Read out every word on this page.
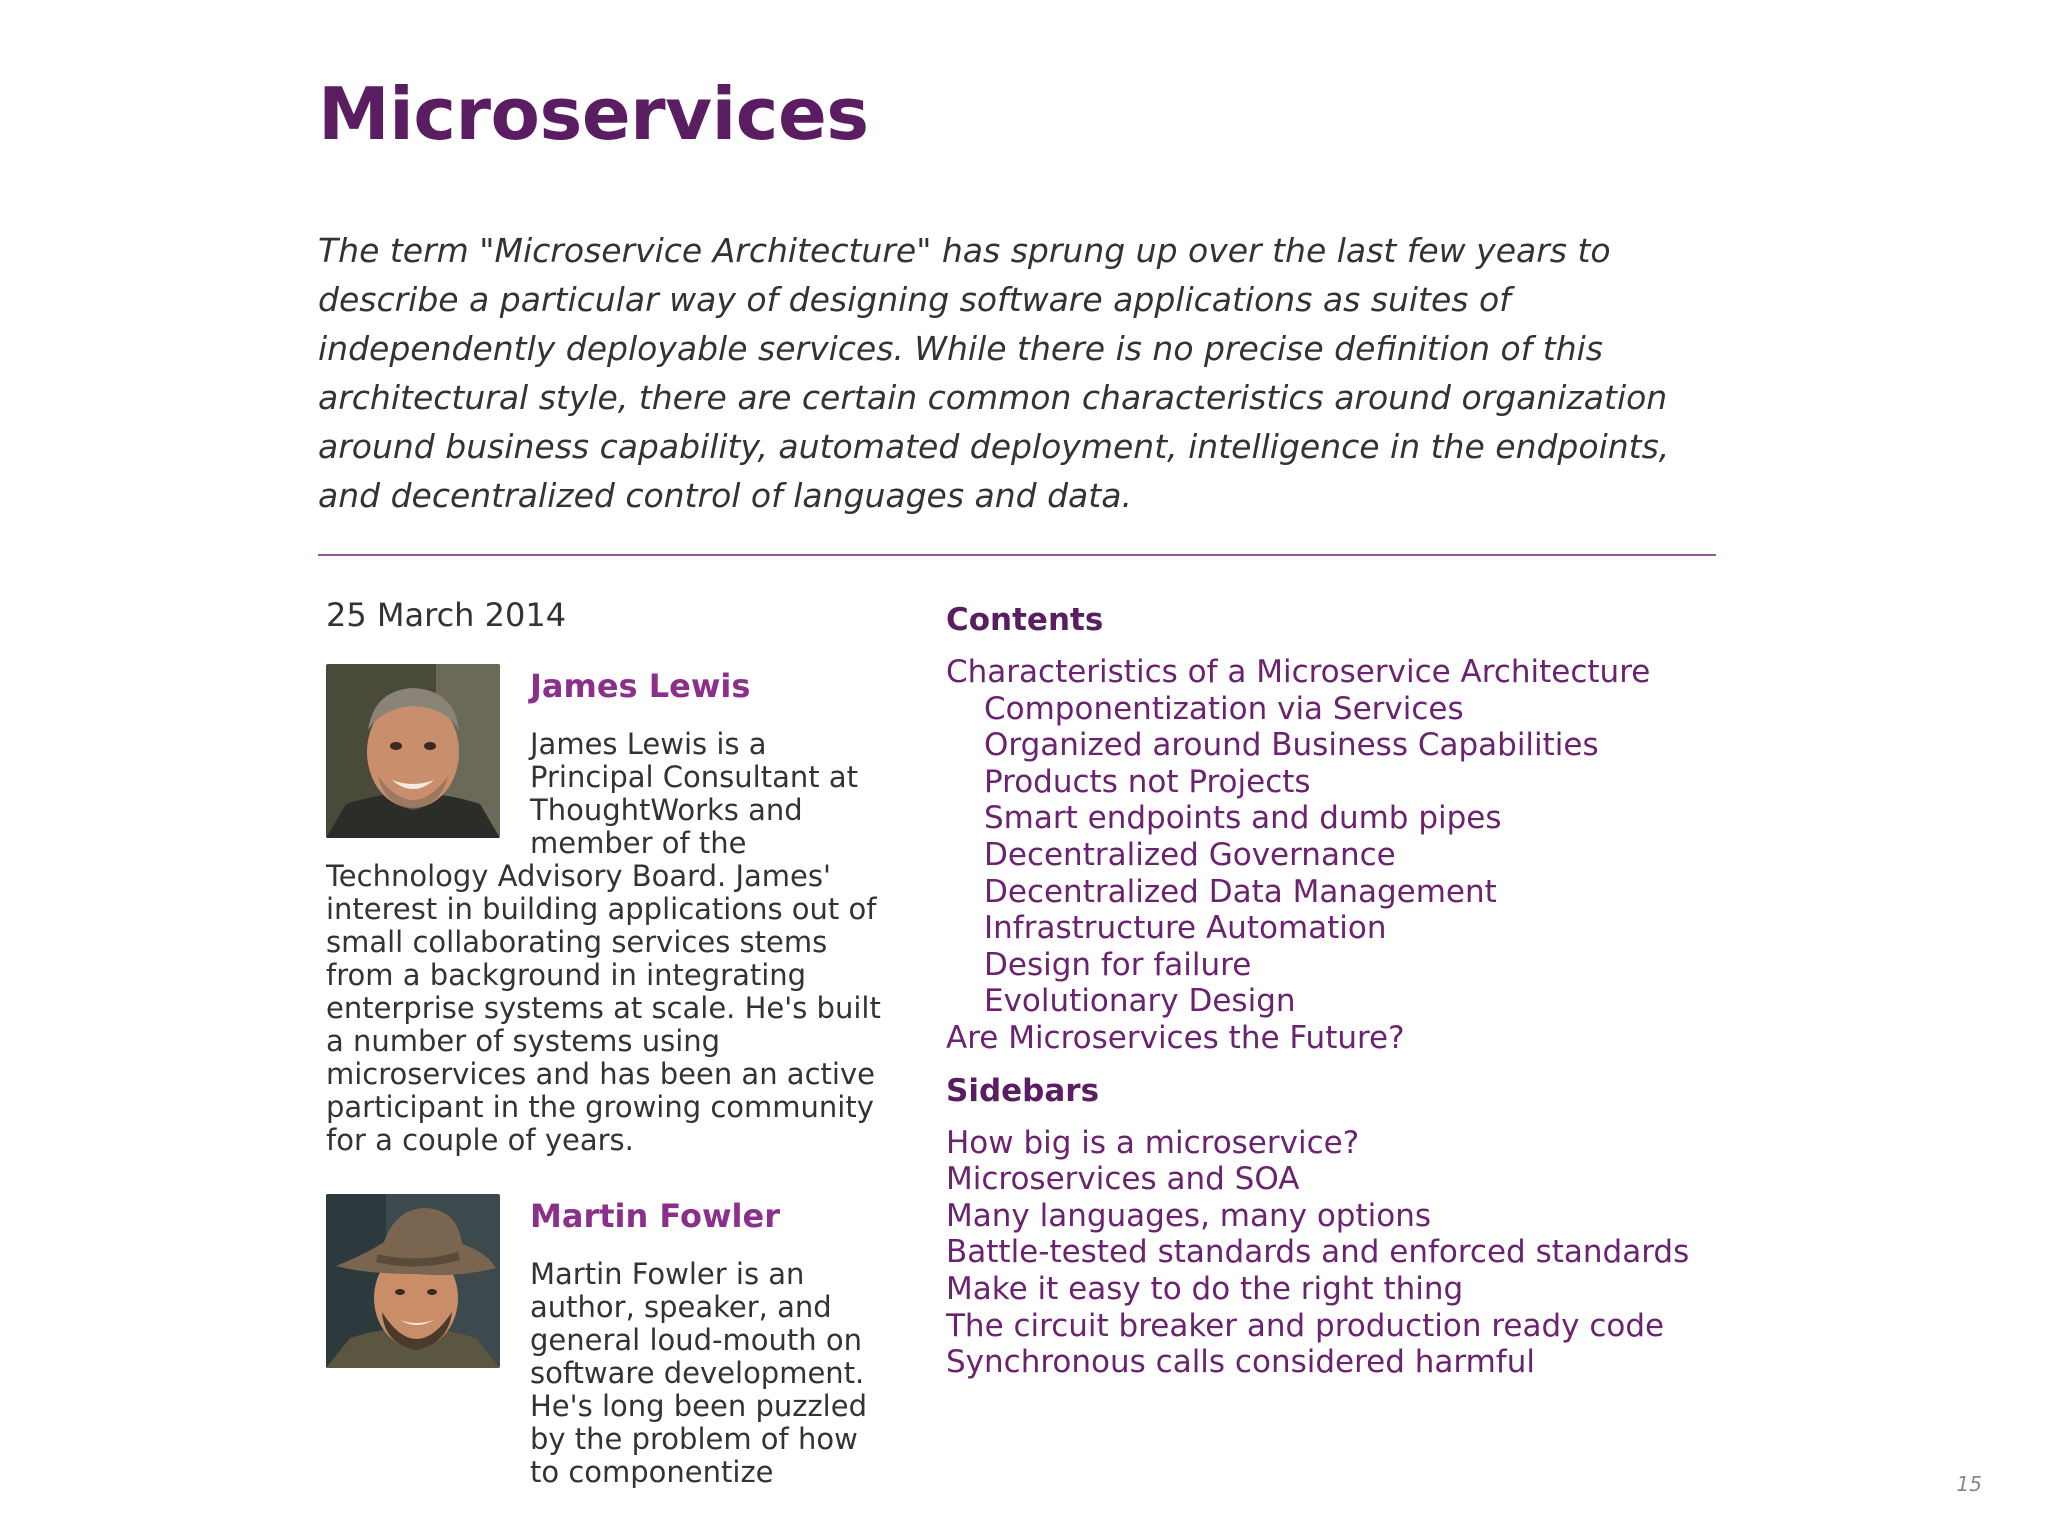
Microservices

The term "Microservice Architecture" has sprung up over the last few years to describe a particular way of designing software applications as suites of independently deployable services. While there is no precise definition of this architectural style, there are certain common characteristics around organization around business capability, automated deployment, intelligence in the endpoints, and decentralized control of languages and data.

25 March 2014
James Lewis

James Lewis is a Principal Consultant at ThoughtWorks and member of the Technology Advisory Board. James' interest in building applications out of small collaborating services stems from a background in integrating enterprise systems at scale. He's built a number of systems using microservices and has been an active participant in the growing community for a couple of years.

Martin Fowler

Martin Fowler is an author, speaker, and general loud-mouth on software development. He's long been puzzled by the problem of how to componentize

Contents
Characteristics of a Microservice Architecture
Componentization via Services
Organized around Business Capabilities
Products not Projects
Smart endpoints and dumb pipes
Decentralized Governance
Decentralized Data Management
Infrastructure Automation
Design for failure
Evolutionary Design
Are Microservices the Future?
Sidebars
How big is a microservice?
Microservices and SOA
Many languages, many options
Battle-tested standards and enforced standards
Make it easy to do the right thing
The circuit breaker and production ready code
Synchronous calls considered harmful
15
